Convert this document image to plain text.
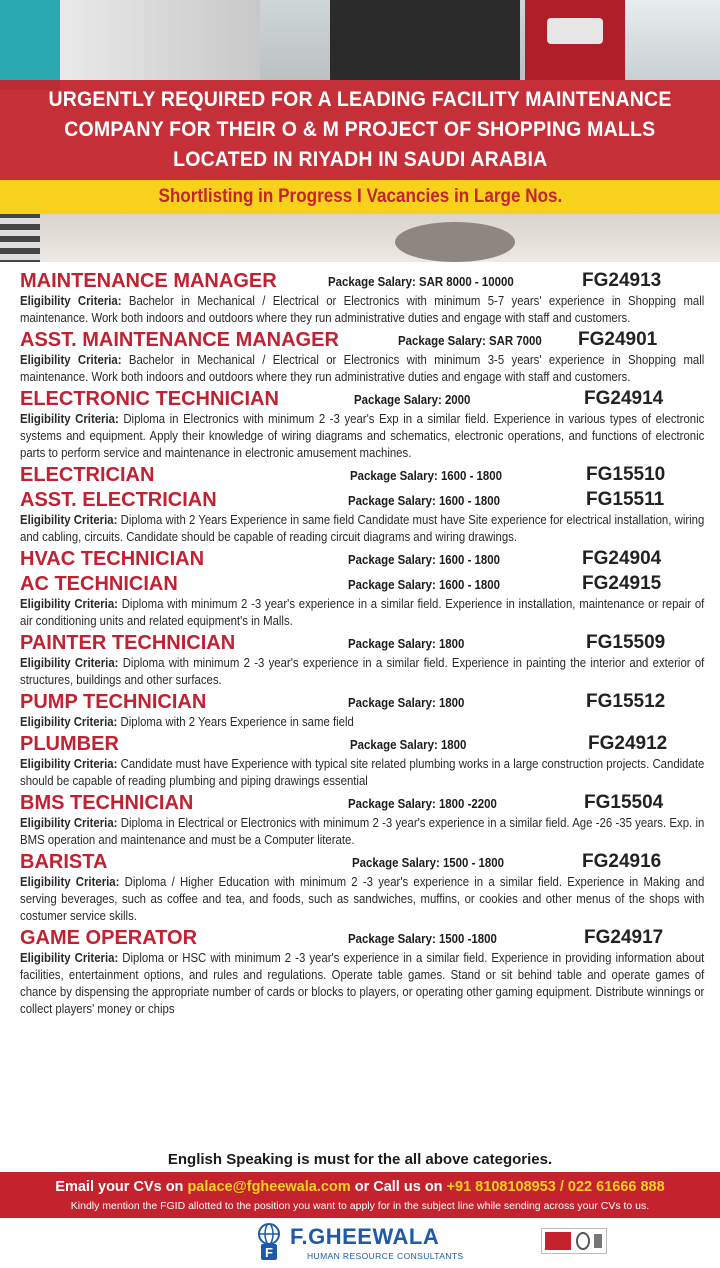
URGENTLY REQUIRED FOR A LEADING FACILITY MAINTENANCE
COMPANY FOR THEIR O & M PROJECT OF SHOPPING MALLS
LOCATED IN RIYADH IN SAUDI ARABIA
Shortlisting in Progress I Vacancies in Large Nos.
MAINTENANCE MANAGER	Package Salary: SAR 8000 - 10000	FG24913
Eligibility Criteria: Bachelor in Mechanical / Electrical or Electronics with minimum 5-7 years' experience in Shopping mall maintenance. Work both indoors and outdoors where they run administrative duties and engage with staff and customers.
ASST. MAINTENANCE MANAGER	Package Salary: SAR 7000 FG24901
Eligibility Criteria: Bachelor in Mechanical / Electrical or Electronics with minimum 3-5 years' experience in Shopping mall maintenance. Work both indoors and outdoors where they run administrative duties and engage with staff and customers.
ELECTRONIC TECHNICIAN	Package Salary: 2000	FG24914
Eligibility Criteria: Diploma in Electronics with minimum 2 -3 year's Exp in a similar field. Experience in various types of electronic systems and equipment. Apply their knowledge of wiring diagrams and schematics, electronic operations, and functions of electronic parts to perform service and maintenance in electronic amusement machines.
ELECTRICIAN	Package Salary: 1600 - 1800	FG15510
ASST. ELECTRICIAN	Package Salary: 1600 - 1800	FG15511
Eligibility Criteria: Diploma with 2 Years Experience in same field Candidate must have Site experience for electrical installation, wiring and cabling, circuits. Candidate should be capable of reading circuit diagrams and wiring drawings.
HVAC TECHNICIAN	Package Salary: 1600 - 1800	FG24904
AC TECHNICIAN	Package Salary: 1600 - 1800	FG24915
Eligibility Criteria: Diploma with minimum 2 -3 year's experience in a similar field. Experience in installation, maintenance or repair of air conditioning units and related equipment's in Malls.
PAINTER TECHNICIAN	Package Salary: 1800	FG15509
Eligibility Criteria: Diploma with minimum 2 -3 year's experience in a similar field. Experience in painting the interior and exterior of structures, buildings and other surfaces.
PUMP TECHNICIAN	Package Salary: 1800	FG15512
Eligibility Criteria: Diploma with 2 Years Experience in same field
PLUMBER	Package Salary: 1800	FG24912
Eligibility Criteria: Candidate must have Experience with typical site related plumbing works in a large construction projects. Candidate should be capable of reading plumbing and piping drawings essential
BMS TECHNICIAN	Package Salary: 1800 -2200	FG15504
Eligibility Criteria: Diploma in Electrical or Electronics with minimum 2 -3 year's experience in a similar field. Age -26 -35 years. Exp. in BMS operation and maintenance and must be a Computer literate.
BARISTA	Package Salary: 1500 - 1800	FG24916
Eligibility Criteria: Diploma / Higher Education with minimum 2 -3 year's experience in a similar field. Experience in Making and serving beverages, such as coffee and tea, and foods, such as sandwiches, muffins, or cookies and other menus of the shops with costumer service skills.
GAME OPERATOR	Package Salary: 1500 -1800	FG24917
Eligibility Criteria: Diploma or HSC with minimum 2 -3 year's experience in a similar field. Experience in providing information about facilities, entertainment options, and rules and regulations. Operate table games. Stand or sit behind table and operate games of chance by dispensing the appropriate number of cards or blocks to players, or operating other gaming equipment. Distribute winnings or collect players' money or chips
English Speaking is must for the all above categories.
Email your CVs on palace@fgheewala.com or Call us on +91 8108108953 / 022 61666 888
Kindly mention the FGID allotted to the position you want to apply for in the subject line while sending across your CVs to us.
F
F.GHEEWALA
HUMAN RESOURCE CONSULTANTS
